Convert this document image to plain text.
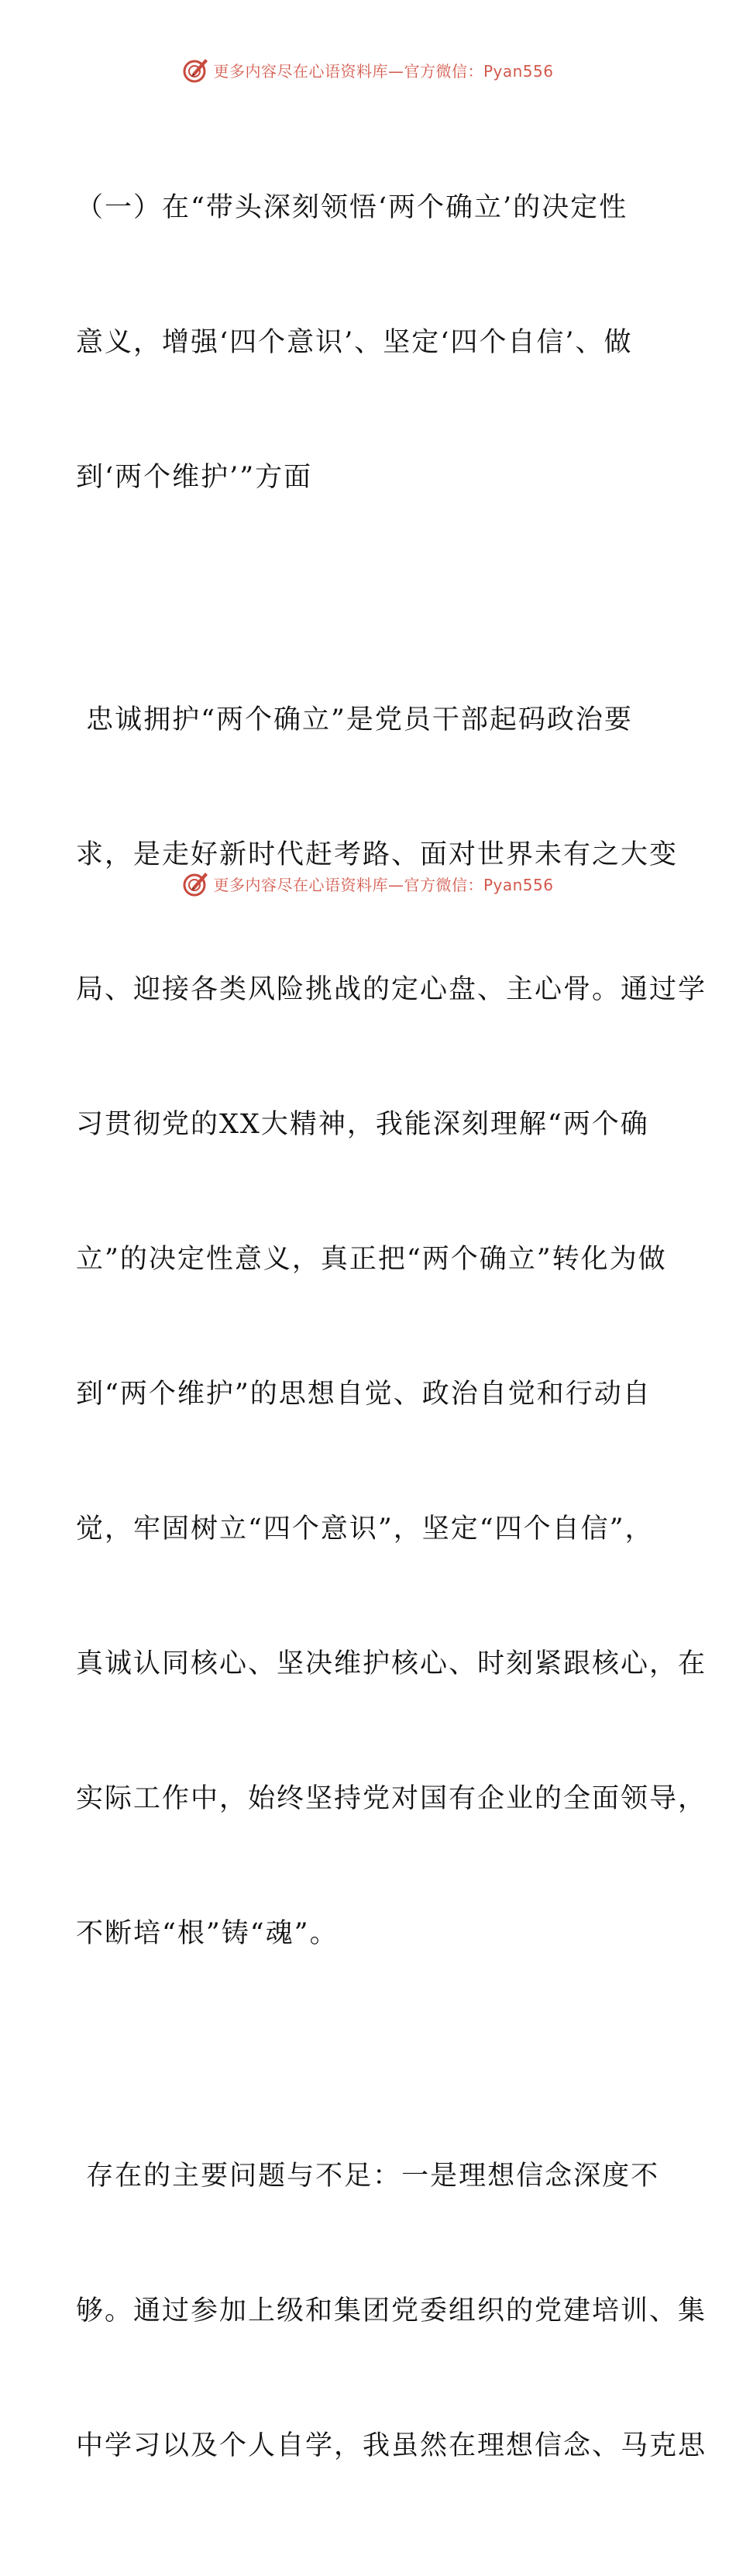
更多内容尽在心语资料库—官方微信：Pyan556

（一）在“带头深刻领悟‘两个确立’的决定性

意义，增强‘四个意识’、坚定‘四个自信’、做

到‘两个维护’”方面

忠诚拥护“两个确立”是党员干部起码政治要

求，是走好新时代赶考路、面对世界未有之大变

局、迎接各类风险挑战的定心盘、主心骨。通过学

习贯彻党的XX大精神，我能深刻理解“两个确

立”的决定性意义，真正把“两个确立”转化为做

到“两个维护”的思想自觉、政治自觉和行动自

觉，牢固树立“四个意识”，坚定“四个自信”，

真诚认同核心、坚决维护核心、时刻紧跟核心，在

实际工作中，始终坚持党对国有企业的全面领导，

不断培“根”铸“魂”。

存在的主要问题与不足：一是理想信念深度不

够。通过参加上级和集团党委组织的党建培训、集

中学习以及个人自学，我虽然在理想信念、马克思

更多内容尽在心语资料库—官方微信：Pyan556
